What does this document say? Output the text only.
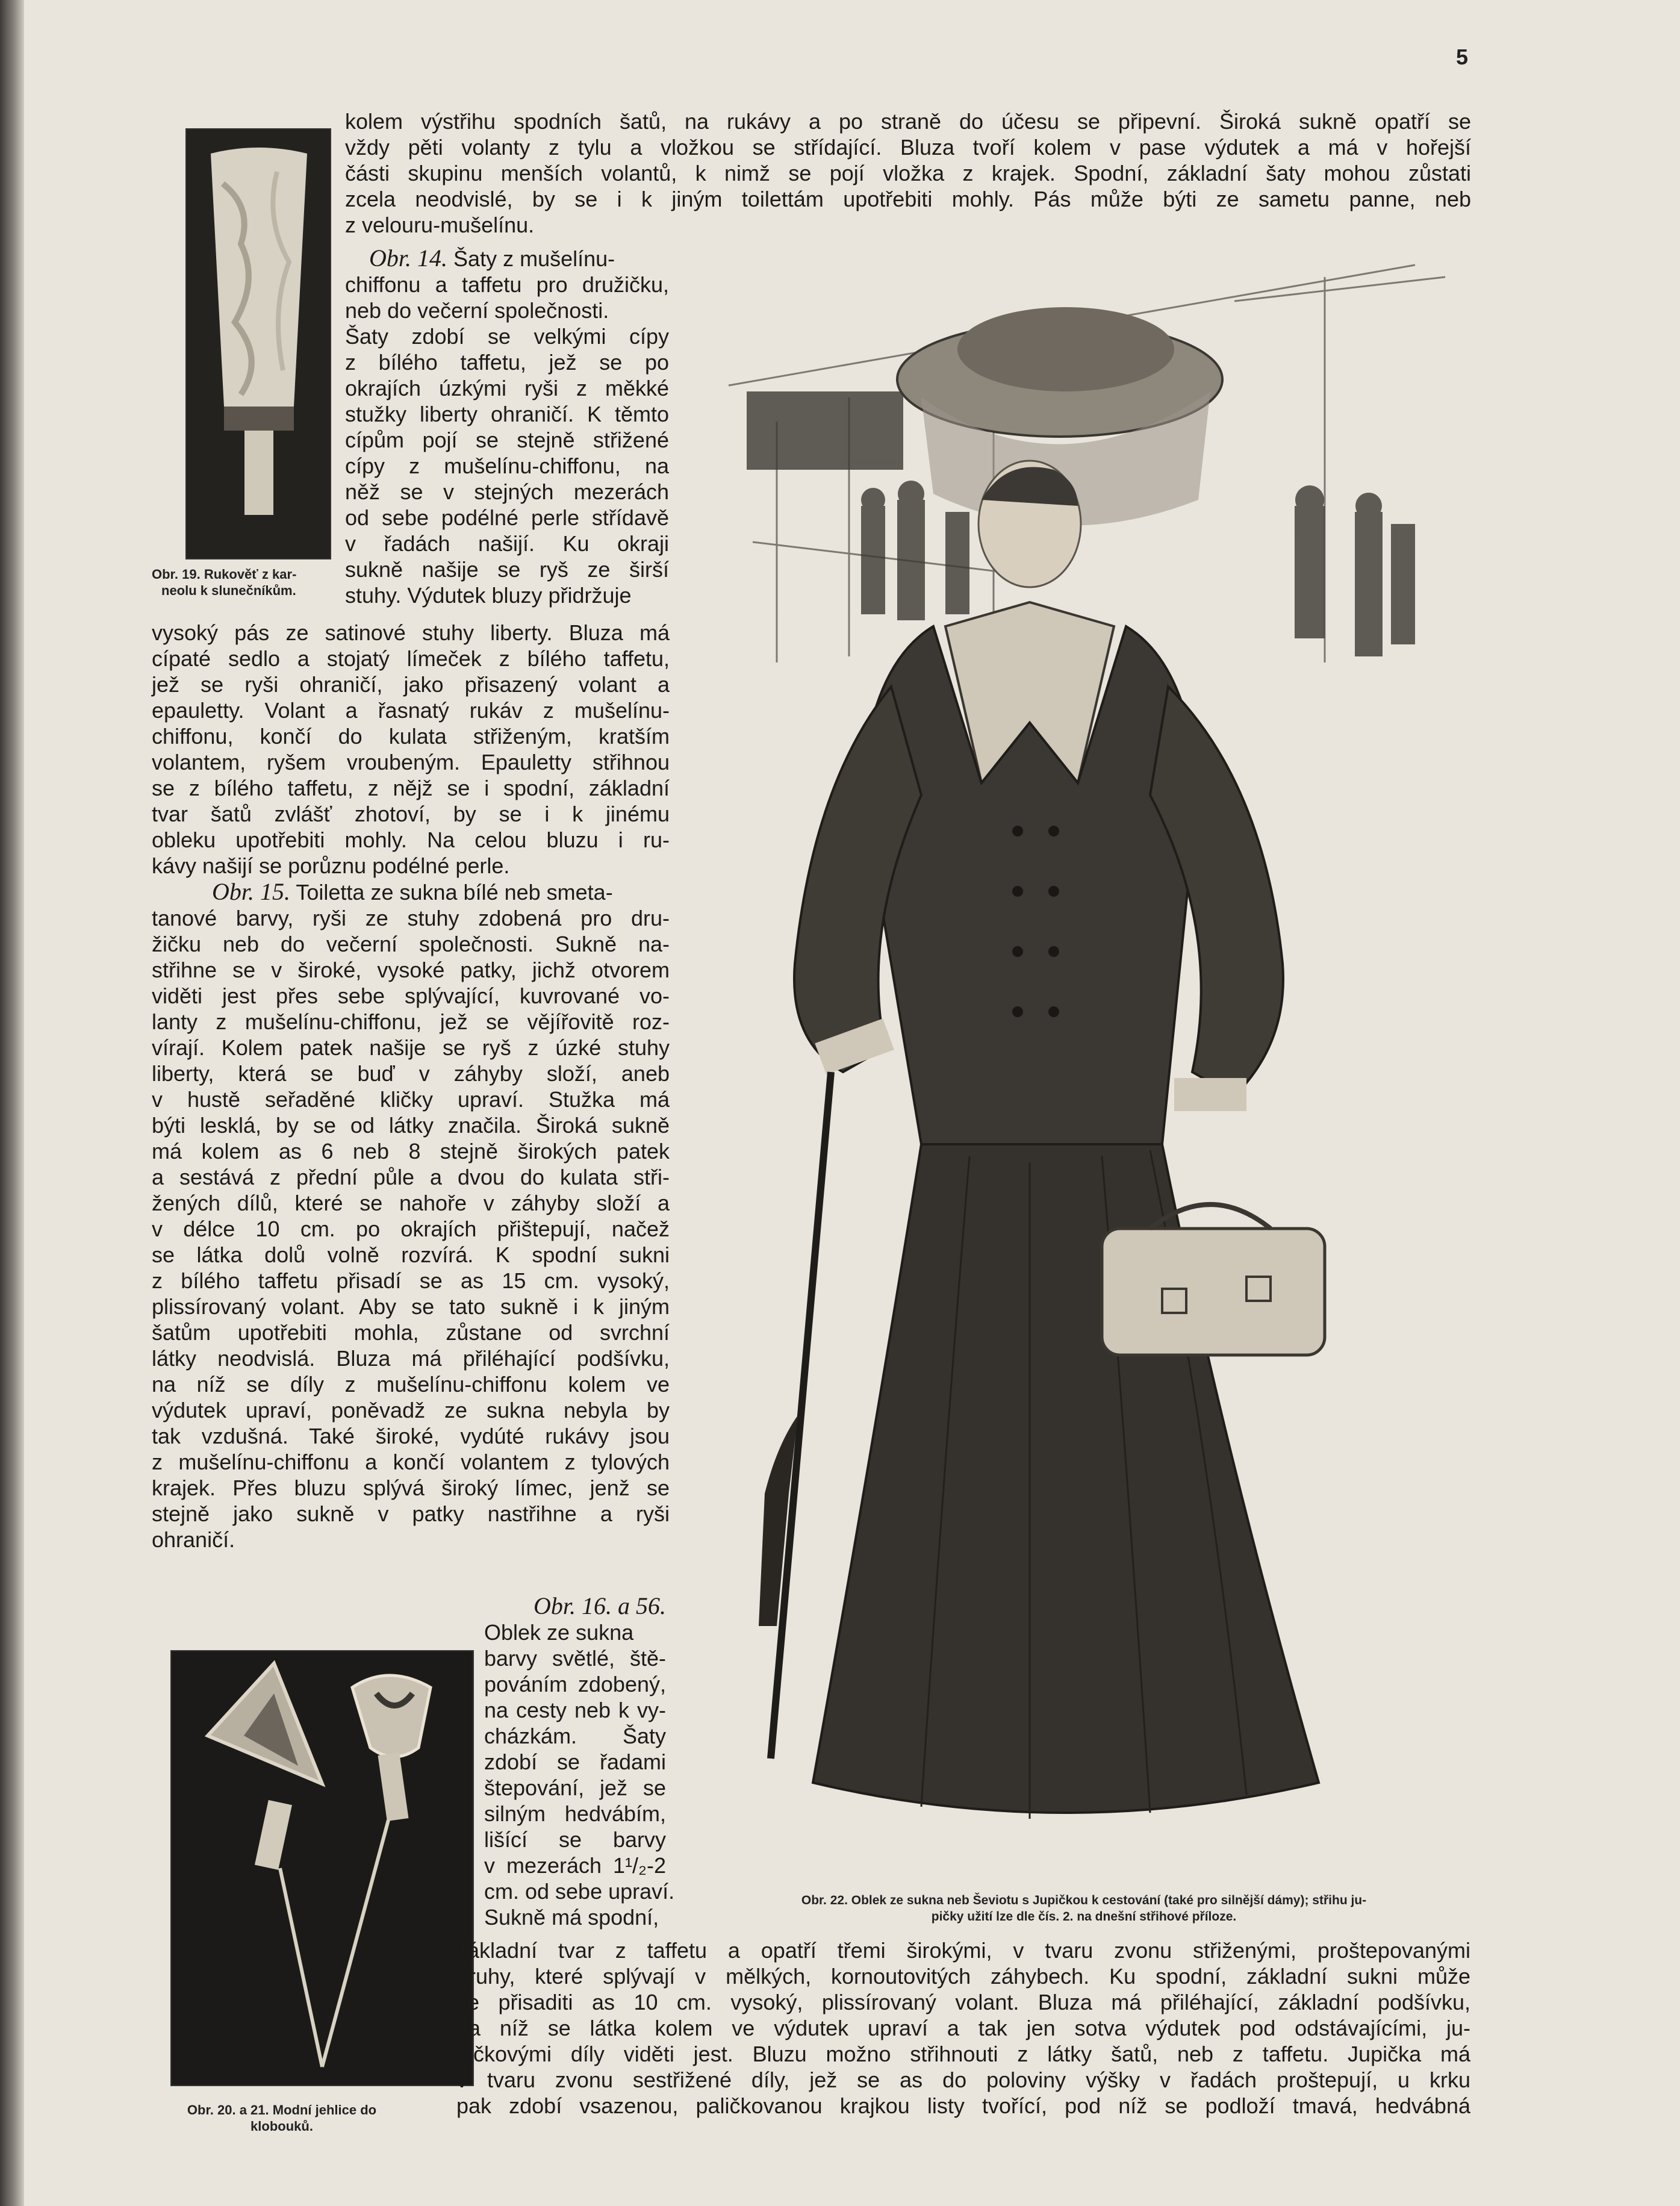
5
Obr. 19. Rukověť z kar-
neolu k slunečníkům.
kolem výstřihu spodních šatů, na rukávy a po straně do účesu se připevní. Široká sukně opatří se
vždy pěti volanty z tylu a vložkou se střídající. Bluza tvoří kolem v pase výdutek a má v hořejší
části skupinu menších volantů, k nimž se pojí vložka z krajek. Spodní, základní šaty mohou zůstati
zcela neodvislé, by se i k jiným toilettám upotřebiti mohly. Pás může býti ze sametu panne, neb
z velouru-mušelínu.
Obr. 14. Šaty z mušelínu-
chiffonu a taffetu pro družičku,
neb do večerní společnosti.
Šaty zdobí se velkými cípy
z bílého taffetu, jež se po
okrajích úzkými ryši z měkké
stužky liberty ohraničí. K těmto
cípům pojí se stejně střižené
cípy z mušelínu-chiffonu, na
něž se v stejných mezerách
od sebe podélné perle střídavě
v řadách našijí. Ku okraji
sukně našije se ryš ze širší
stuhy. Výdutek bluzy přidržuje
vysoký pás ze satinové stuhy liberty. Bluza má
cípaté sedlo a stojatý límeček z bílého taffetu,
jež se ryši ohraničí, jako přisazený volant a
epauletty. Volant a řasnatý rukáv z mušelínu-
chiffonu, končí do kulata střiženým, kratším
volantem, ryšem vroubeným. Epauletty střihnou
se z bílého taffetu, z nějž se i spodní, základní
tvar šatů zvlášť zhotoví, by se i k jinému
obleku upotřebiti mohly. Na celou bluzu i ru-
kávy našijí se porůznu podélné perle.
Obr. 15. Toiletta ze sukna bílé neb smeta-
tanové barvy, ryši ze stuhy zdobená pro dru-
žičku neb do večerní společnosti. Sukně na-
střihne se v široké, vysoké patky, jichž otvorem
viděti jest přes sebe splývající, kuvrované vo-
lanty z mušelínu-chiffonu, jež se vějířovitě roz-
vírají. Kolem patek našije se ryš z úzké stuhy
liberty, která se buď v záhyby složí, aneb
v hustě seřaděné kličky upraví. Stužka má
býti lesklá, by se od látky značila. Široká sukně
má kolem as 6 neb 8 stejně širokých patek
a sestává z přední půle a dvou do kulata stři-
žených dílů, které se nahoře v záhyby složí a
v délce 10 cm. po okrajích přištepují, načež
se látka dolů volně rozvírá. K spodní sukni
z bílého taffetu přisadí se as 15 cm. vysoký,
plissírovaný volant. Aby se tato sukně i k jiným
šatům upotřebiti mohla, zůstane od svrchní
látky neodvislá. Bluza má přiléhající podšívku,
na níž se díly z mušelínu-chiffonu kolem ve
výdutek upraví, poněvadž ze sukna nebyla by
tak vzdušná. Také široké, vydúté rukávy jsou
z mušelínu-chiffonu a končí volantem z tylových
krajek. Přes bluzu splývá široký límec, jenž se
stejně jako sukně v patky nastřihne a ryši
ohraničí.
Obr. 20. a 21. Modní jehlice do
klobouků.
Obr. 16. a 56.
Oblek ze sukna
barvy světlé, ště-
pováním zdobený,
na cesty neb k vy-
cházkám. Šaty
zdobí se řadami
štepování, jež se
silným hedvábím,
lišící se barvy
v mezerách 1¹/₂-2
cm. od sebe upraví.
Sukně má spodní,
Obr. 22. Oblek ze sukna neb Ševiotu s Jupičkou k cestování (také pro silnější dámy); střihu ju-
pičky užití lze dle čís. 2. na dnešní střihové příloze.
základní tvar z taffetu a opatří třemi širokými, v tvaru zvonu střiženými, proštepovanými
pruhy, které splývají v mělkých, kornoutovitých záhybech. Ku spodní, základní sukni může
se přisaditi as 10 cm. vysoký, plissírovaný volant. Bluza má přiléhající, základní podšívku,
na níž se látka kolem ve výdutek upraví a tak jen sotva výdutek pod odstávajícími, ju-
pičkovými díly viděti jest. Bluzu možno střihnouti z látky šatů, neb z taffetu. Jupička má
v tvaru zvonu sestřižené díly, jež se as do poloviny výšky v řadách proštepují, u krku
pak zdobí vsazenou, paličkovanou krajkou listy tvořící, pod níž se podloží tmavá, hedvábná
